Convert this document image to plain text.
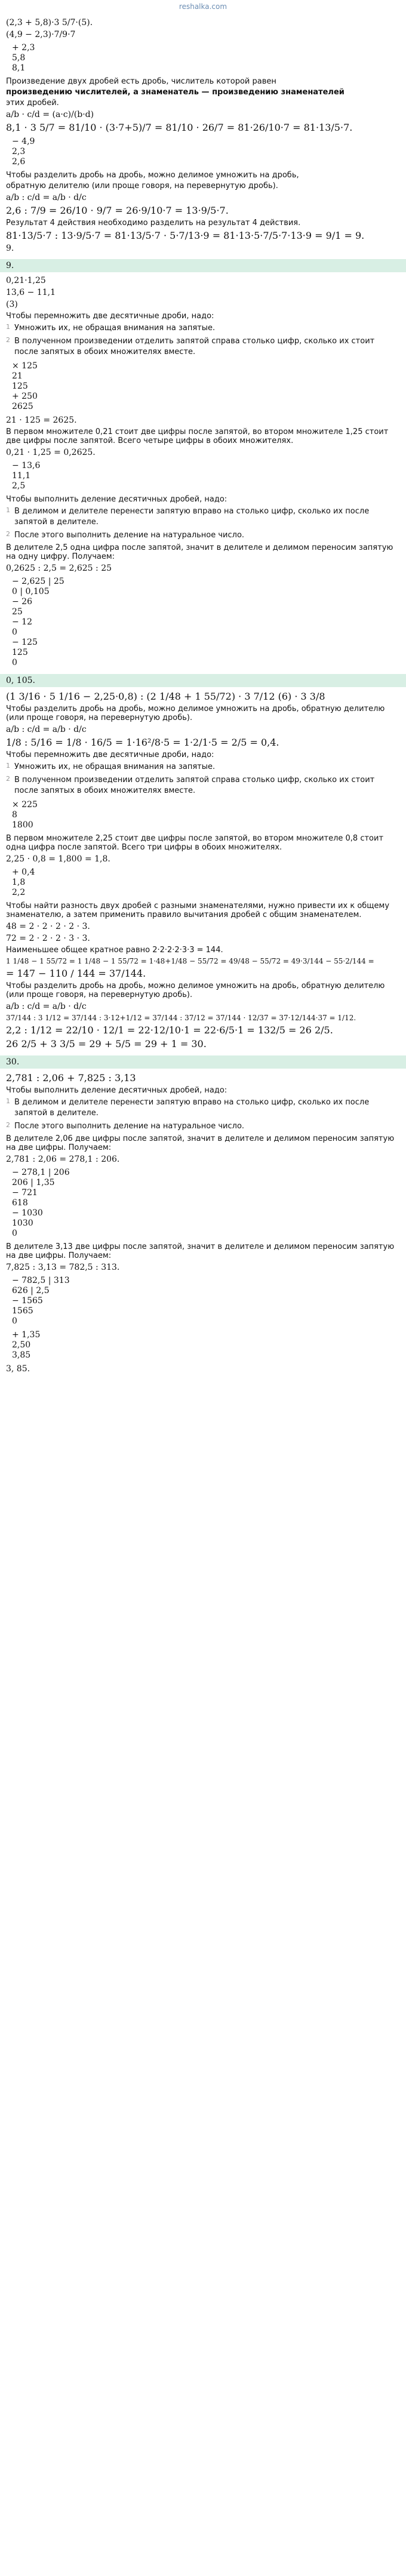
reshalka.com
(2,3 + 5,8)·3 5/7·(5).
(4,9 − 2,3)·7/9·7
+ 2,3
5,8
8,1
Произведение двух дробей есть дробь, числитель которой равен
произведению числителей, а знаменатель — произведению знаменателей
этих дробей.
a/b · c/d = (a·c)/(b·d)
8,1 · 3 5/7 = 81/10 · (3·7+5)/7 = 81/10 · 26/7 = 81·26/10·7 = 81·13/5·7.
− 4,9
2,3
2,6
Чтобы разделить дробь на дробь, можно делимое умножить на дробь,
обратную делителю (или проще говоря, на перевернутую дробь).
a/b : c/d = a/b · d/c
2,6 : 7/9 = 26/10 · 9/7 = 26·9/10·7 = 13·9/5·7.
Результат 4 действия необходимо разделить на результат 4 действия.
81·13/5·7 : 13·9/5·7 = 81·13/5·7 · 5·7/13·9 = 81·13·5·7/5·7·13·9 = 9/1 = 9.
9.
9.
0,21·1,25
13,6 − 11,1
(3)
Чтобы перемножить две десятичные дроби, надо:
1 Умножить их, не обращая внимания на запятые.
2 В полученном произведении отделить запятой справа столько цифр, сколько их стоит после запятых в обоих множителях вместе.
× 125
21
125
+ 250
2625
21 · 125 = 2625.
В первом множителе 0,21 стоит две цифры после запятой, во втором множителе 1,25 стоит две цифры после запятой. Всего четыре цифры в обоих множителях.
0,21 · 1,25 = 0,2625.
− 13,6
11,1
2,5
Чтобы выполнить деление десятичных дробей, надо:
1 В делимом и делителе перенести запятую вправо на столько цифр, сколько их после запятой в делителе.
2 После этого выполнить деление на натуральное число.
В делителе 2,5 одна цифра после запятой, значит в делителе и делимом переносим запятую на одну цифру. Получаем:
0,2625 : 2,5 = 2,625 : 25
− 2,625 | 25
0 | 0,105
− 26
25
− 12
0
− 125
125
0
0, 105.
(1 3/16 · 5 1/16 − 2,25·0,8) : (2 1/48 + 1 55/72) · 3 7/12 (6) · 3 3/8
Чтобы разделить дробь на дробь, можно делимое умножить на дробь, обратную делителю (или проще говоря, на перевернутую дробь).
a/b : c/d = a/b · d/c
1/8 : 5/16 = 1/8 · 16/5 = 1·16²/8·5 = 1·2/1·5 = 2/5 = 0,4.
Чтобы перемножить две десятичные дроби, надо:
1 Умножить их, не обращая внимания на запятые.
2 В полученном произведении отделить запятой справа столько цифр, сколько их стоит после запятых в обоих множителях вместе.
× 225
8
1800
В первом множителе 2,25 стоит две цифры после запятой, во втором множителе 0,8 стоит одна цифра после запятой. Всего три цифры в обоих множителях.
2,25 · 0,8 = 1,800 = 1,8.
+ 0,4
1,8
2,2
Чтобы найти разность двух дробей с разными знаменателями, нужно привести их к общему знаменателю, а затем применить правило вычитания дробей с общим знаменателем.
48 = 2 · 2 · 2 · 2 · 3.
72 = 2 · 2 · 2 · 3 · 3.
Наименьшее общее кратное равно 2·2·2·2·3·3 = 144.
1 1/48 − 1 55/72 = 1 1/48 − 1 55/72 = 1·48+1/48 − 55/72 = 49/48 − 55/72 = 49·3/144 − 55·2/144 =
= 147 − 110 / 144 = 37/144.
Чтобы разделить дробь на дробь, можно делимое умножить на дробь, обратную делителю (или проще говоря, на перевернутую дробь).
a/b : c/d = a/b · d/c
37/144 : 3 1/12 = 37/144 : 3·12+1/12 = 37/144 : 37/12 = 37/144 · 12/37 = 37·12/144·37 = 1/12.
2,2 : 1/12 = 22/10 · 12/1 = 22·12/10·1 = 22·6/5·1 = 132/5 = 26 2/5.
26 2/5 + 3 3/5 = 29 + 5/5 = 29 + 1 = 30.
30.
2,781 : 2,06 + 7,825 : 3,13
Чтобы выполнить деление десятичных дробей, надо:
1 В делимом и делителе перенести запятую вправо на столько цифр, сколько их после запятой в делителе.
2 После этого выполнить деление на натуральное число.
В делителе 2,06 две цифры после запятой, значит в делителе и делимом переносим запятую на две цифры. Получаем:
2,781 : 2,06 = 278,1 : 206.
− 278,1 | 206
206 | 1,35
− 721
618
− 1030
1030
0
В делителе 3,13 две цифры после запятой, значит в делителе и делимом переносим запятую на две цифры. Получаем:
7,825 : 3,13 = 782,5 : 313.
− 782,5 | 313
626 | 2,5
− 1565
1565
0
+ 1,35
2,50
3,85
3, 85.
